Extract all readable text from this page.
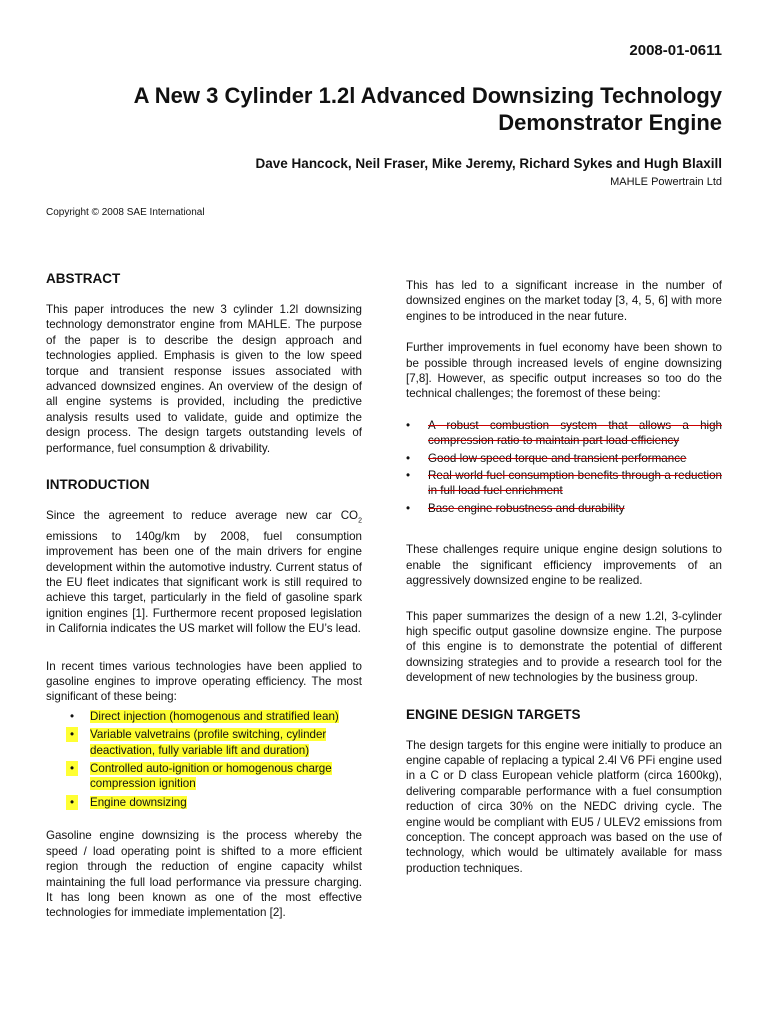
2008-01-0611
A New 3 Cylinder 1.2l Advanced Downsizing Technology Demonstrator Engine
Dave Hancock, Neil Fraser, Mike Jeremy, Richard Sykes and Hugh Blaxill
MAHLE Powertrain Ltd
Copyright © 2008 SAE International
ABSTRACT

This paper introduces the new 3 cylinder 1.2l downsizing technology demonstrator engine from MAHLE. The purpose of the paper is to describe the design approach and technologies applied. Emphasis is given to the low speed torque and transient response issues associated with advanced downsized engines. An overview of the design of all engine systems is provided, including the predictive analysis results used to validate, guide and optimize the design process. The design targets outstanding levels of performance, fuel consumption & drivability.

INTRODUCTION

Since the agreement to reduce average new car $CO_2$ emissions to 140g/km by 2008, fuel consumption improvement has been one of the main drivers for engine development within the automotive industry. Current status of the EU fleet indicates that significant work is still required to achieve this target, particularly in the field of gasoline spark ignition engines [1]. Furthermore recent proposed legislation in California indicates the US market will follow the EU’s lead.

In recent times various technologies have been applied to gasoline engines to improve operating efficiency. The most significant of these being:

•	Direct injection (homogenous and stratified lean)
•	Variable valvetrains (profile switching, cylinder deactivation, fully variable lift and duration)
•	Controlled auto-ignition or homogenous charge compression ignition
•	Engine downsizing

Gasoline engine downsizing is the process whereby the speed / load operating point is shifted to a more efficient region through the reduction of engine capacity whilst maintaining the full load performance via pressure charging. It has long been known as one of the most effective technologies for immediate implementation [2].

This has led to a significant increase in the number of downsized engines on the market today [3, 4, 5, 6] with more engines to be introduced in the near future.

Further improvements in fuel economy have been shown to be possible through increased levels of engine downsizing [7,8]. However, as specific output increases so too do the technical challenges; the foremost of these being:

•	A robust combustion system that allows a high compression ratio to maintain part load efficiency
•	Good low speed torque and transient performance
•	Real world fuel consumption benefits through a reduction in full load fuel enrichment
•	Base engine robustness and durability

These challenges require unique engine design solutions to enable the significant efficiency improvements of an aggressively downsized engine to be realized.

This paper summarizes the design of a new 1.2l, 3-cylinder high specific output gasoline downsize engine. The purpose of this engine is to demonstrate the potential of different downsizing strategies and to provide a research tool for the development of new technologies by the business group.

ENGINE DESIGN TARGETS

The design targets for this engine were initially to produce an engine capable of replacing a typical 2.4l V6 PFi engine used in a C or D class European vehicle platform (circa 1600kg), delivering comparable performance with a fuel consumption reduction of circa 30% on the NEDC driving cycle. The engine would be compliant with EU5 / ULEV2 emissions from conception. The concept approach was based on the use of technology, which would be ultimately available for mass production techniques.
